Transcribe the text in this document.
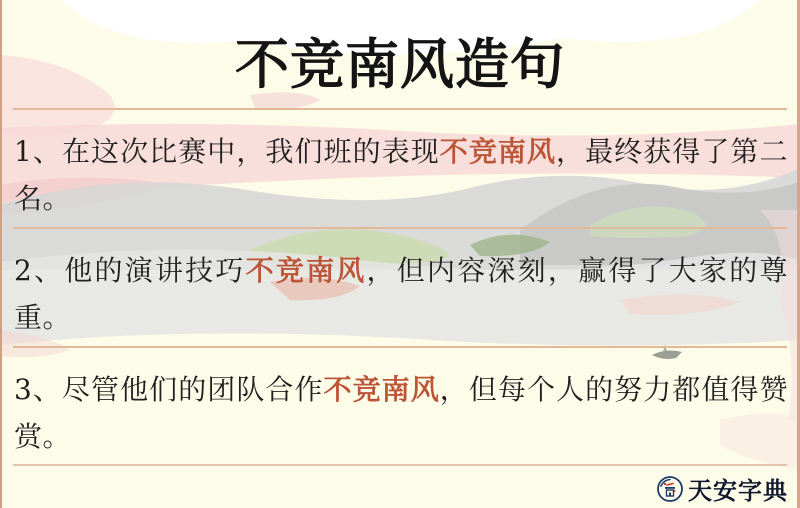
不竞南风造句

1、在这次比赛中，我们班的表现不竞南风，最终获得了第二名。

2、他的演讲技巧不竞南风，但内容深刻，赢得了大家的尊重。

3、尽管他们的团队合作不竞南风，但每个人的努力都值得赞赏。

天安字典
